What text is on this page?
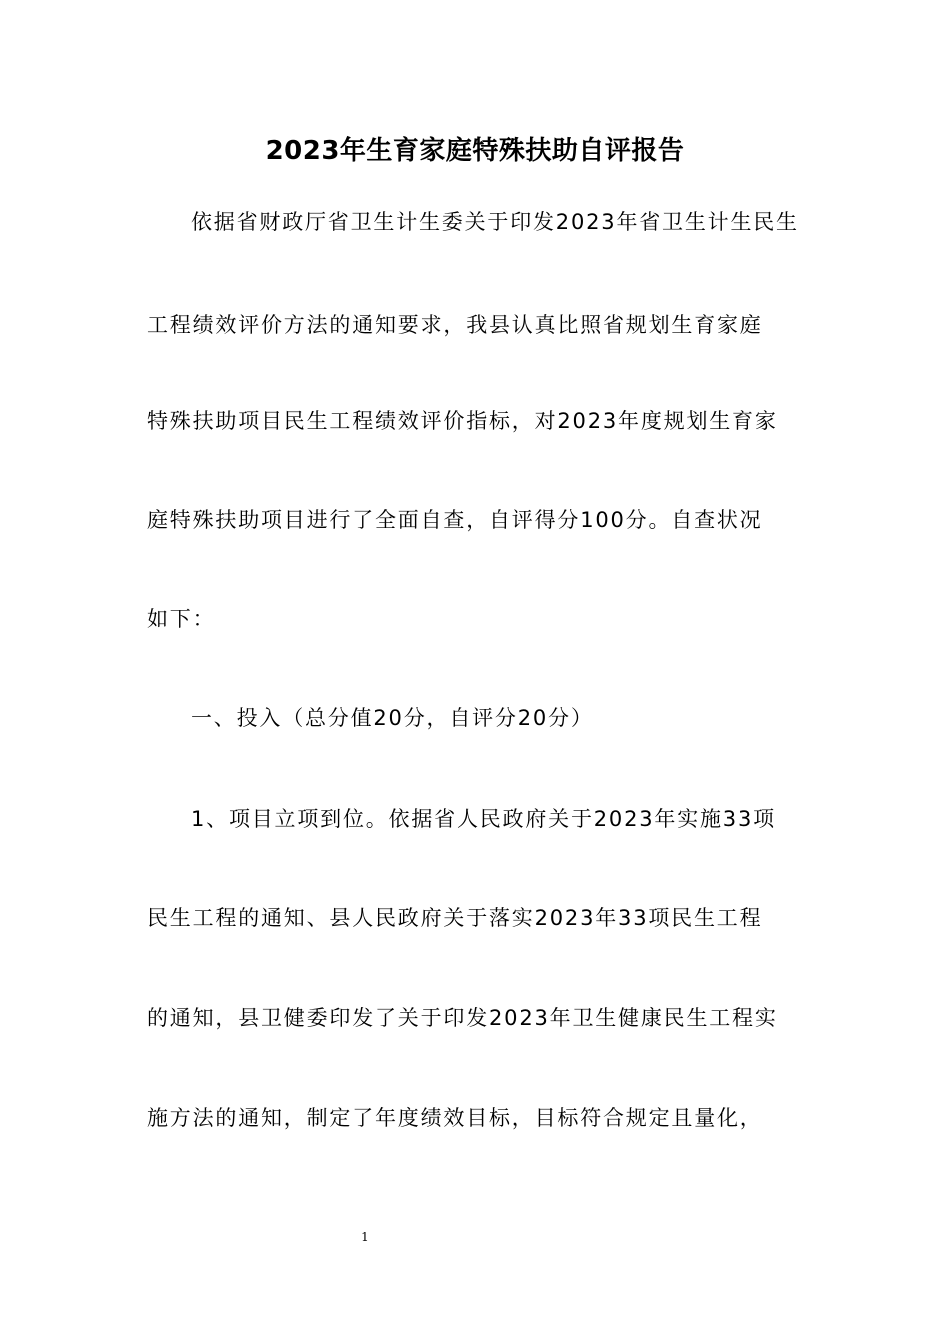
2023年生育家庭特殊扶助自评报告
依据省财政厅省卫生计生委关于印发2023年省卫生计生民生
工程绩效评价方法的通知要求，我县认真比照省规划生育家庭
特殊扶助项目民生工程绩效评价指标，对2023年度规划生育家
庭特殊扶助项目进行了全面自查，自评得分100分。自查状况
如下：
一、投入（总分值20分，自评分20分）
1、项目立项到位。依据省人民政府关于2023年实施33项
民生工程的通知、县人民政府关于落实2023年33项民生工程
的通知，县卫健委印发了关于印发2023年卫生健康民生工程实
施方法的通知，制定了年度绩效目标，目标符合规定且量化，
1
